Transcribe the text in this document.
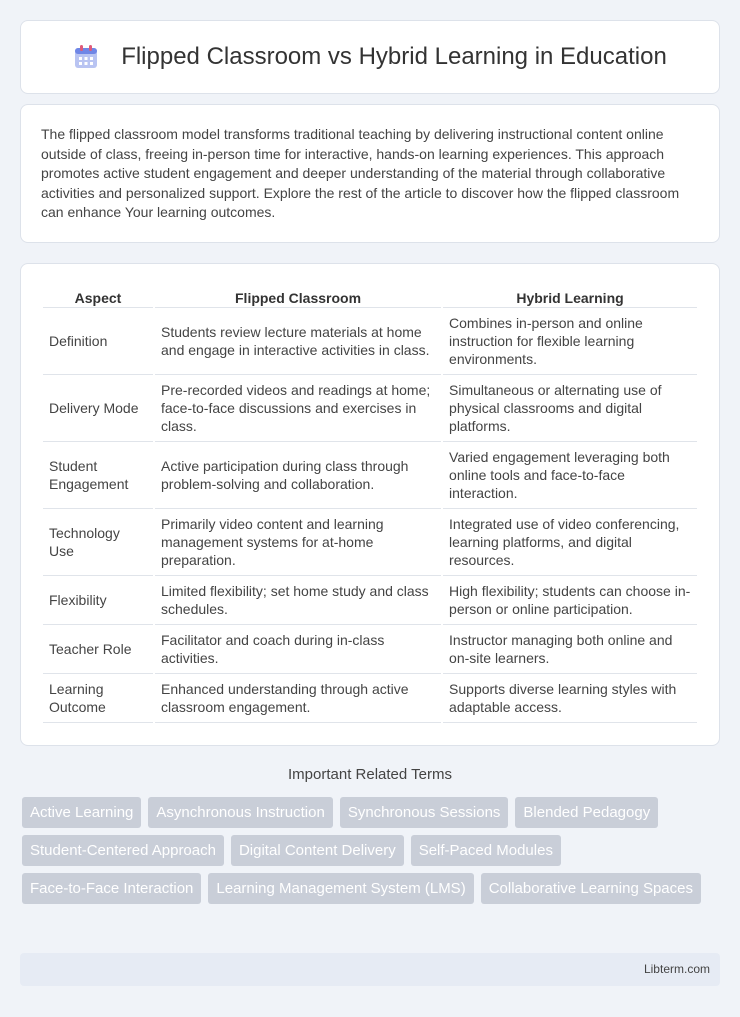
Flipped Classroom vs Hybrid Learning in Education

The flipped classroom model transforms traditional teaching by delivering instructional content online outside of class, freeing in-person time for interactive, hands-on learning experiences. This approach promotes active student engagement and deeper understanding of the material through collaborative activities and personalized support. Explore the rest of the article to discover how the flipped classroom can enhance Your learning outcomes.

Aspect	Flipped Classroom	Hybrid Learning
Definition	Students review lecture materials at home and engage in interactive activities in class.	Combines in-person and online instruction for flexible learning environments.
Delivery Mode	Pre-recorded videos and readings at home; face-to-face discussions and exercises in class.	Simultaneous or alternating use of physical classrooms and digital platforms.
Student Engagement	Active participation during class through problem-solving and collaboration.	Varied engagement leveraging both online tools and face-to-face interaction.
Technology Use	Primarily video content and learning management systems for at-home preparation.	Integrated use of video conferencing, learning platforms, and digital resources.
Flexibility	Limited flexibility; set home study and class schedules.	High flexibility; students can choose in-person or online participation.
Teacher Role	Facilitator and coach during in-class activities.	Instructor managing both online and on-site learners.
Learning Outcome	Enhanced understanding through active classroom engagement.	Supports diverse learning styles with adaptable access.
Important Related Terms
Active Learning	Asynchronous Instruction	Synchronous Sessions	Blended Pedagogy
Student-Centered Approach	Digital Content Delivery	Self-Paced Modules
Face-to-Face Interaction	Learning Management System (LMS)	Collaborative Learning Spaces
Libterm.com
